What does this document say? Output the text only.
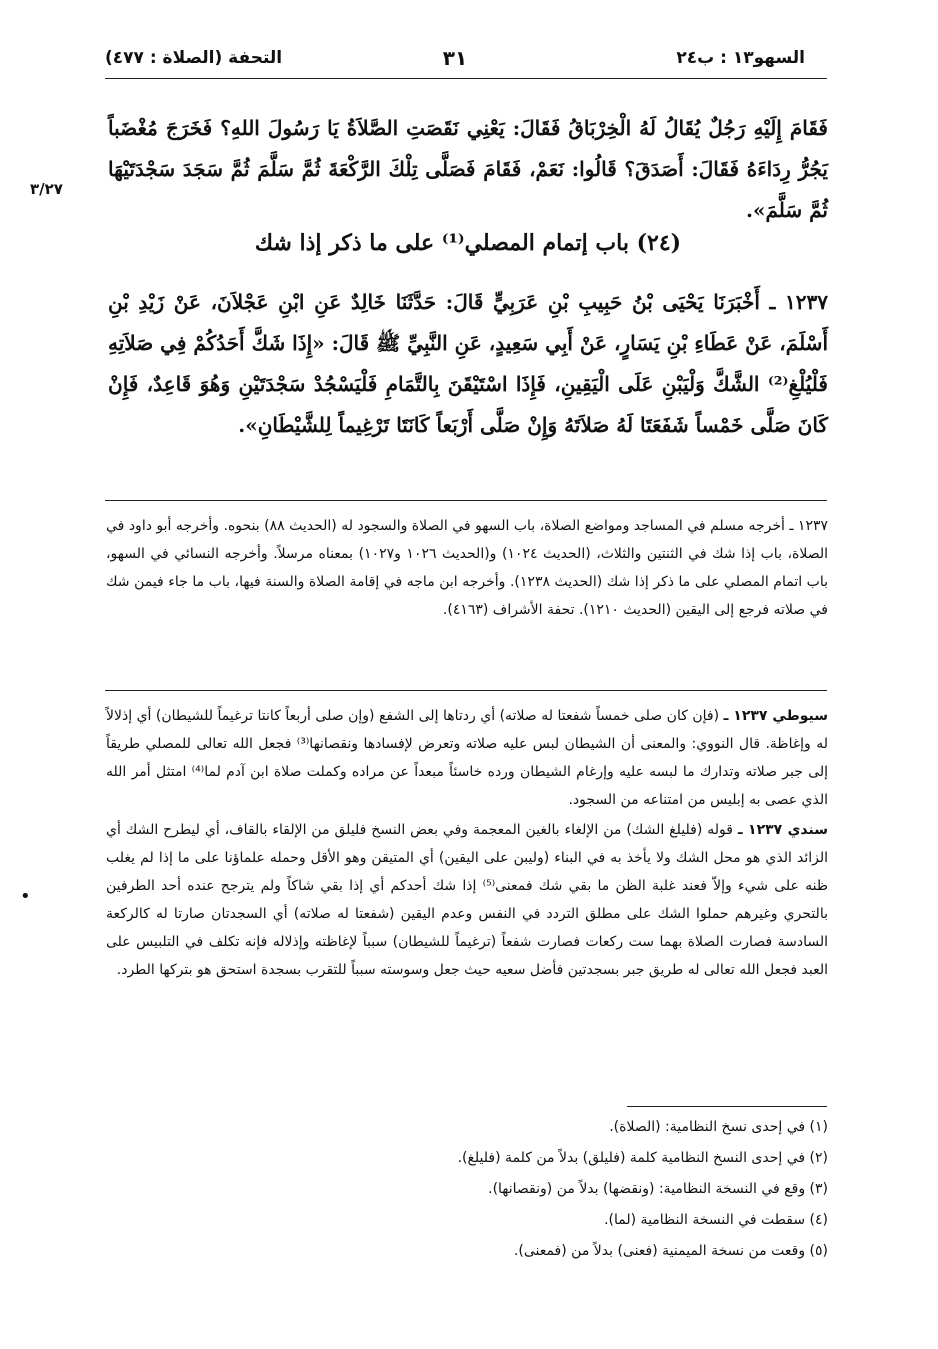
السهو١٣ : ب٢٤
٣١
التحفة (الصلاة : ٤٧٧)
٣/٢٧
فَقَامَ إِلَيْهِ رَجُلٌ يُقَالُ لَهُ الْخِرْبَاقُ فَقَالَ: يَعْنِي نَقَصَتِ الصَّلاَةُ يَا رَسُولَ اللهِ؟ فَخَرَجَ مُغْضَباً يَجُرُّ رِدَاءَهُ فَقَالَ: أَصَدَقَ؟ قَالُوا: نَعَمْ، فَقَامَ فَصَلَّى تِلْكَ الرَّكْعَةَ ثُمَّ سَلَّمَ ثُمَّ سَجَدَ سَجْدَتَيْهَا ثُمَّ سَلَّمَ».
(٢٤) باب إتمام المصلي⁽¹⁾ على ما ذكر إذا شك
١٢٣٧ ـ أَخْبَرَنَا يَحْيَى بْنُ حَبِيبِ بْنِ عَرَبِيٍّ قَالَ: حَدَّثَنَا خَالِدٌ عَنِ ابْنِ عَجْلاَنَ، عَنْ زَيْدِ بْنِ أَسْلَمَ، عَنْ عَطَاءِ بْنِ يَسَارٍ، عَنْ أَبِي سَعِيدٍ، عَنِ النَّبِيِّ ﷺ قَالَ: «إِذَا شَكَّ أَحَدُكُمْ فِي صَلاَتِهِ فَلْيُلْغِ⁽²⁾ الشَّكَّ وَلْيَبْنِ عَلَى الْيَقِينِ، فَإِذَا اسْتَيْقَنَ بِالتَّمَامِ فَلْيَسْجُدْ سَجْدَتَيْنِ وَهُوَ قَاعِدٌ، فَإِنْ كَانَ صَلَّى خَمْساً شَفَعَتَا لَهُ صَلاَتَهُ وَإِنْ صَلَّى أَرْبَعاً كَانَتَا تَرْغِيماً لِلشَّيْطَانِ».
١٢٣٧ ـ أخرجه مسلم في المساجد ومواضع الصلاة، باب السهو في الصلاة والسجود له (الحديث ٨٨) بنحوه. وأخرجه أبو داود في الصلاة، باب إذا شك في الثنتين والثلاث، (الحديث ١٠٢٤) و(الحديث ١٠٢٦ و١٠٢٧) بمعناه مرسلاً. وأخرجه النسائي في السهو، باب اتمام المصلي على ما ذكر إذا شك (الحديث ١٢٣٨). وأخرجه ابن ماجه في إقامة الصلاة والسنة فيها، باب ما جاء فيمن شك في صلاته فرجع إلى اليقين (الحديث ١٢١٠). تحفة الأشراف (٤١٦٣).

سيوطي ١٢٣٧ ـ (فإن كان صلى خمساً شفعتا له صلاته) أي ردتاها إلى الشفع (وإن صلى أربعاً كانتا ترغيماً للشيطان) أي إذلالاً له وإغاظة. قال النووي: والمعنى أن الشيطان لبس عليه صلاته وتعرض لإفسادها ونقصانها⁽³⁾ فجعل الله تعالى للمصلي طريقاً إلى جبر صلاته وتدارك ما لبسه عليه وإرغام الشيطان ورده خاسئاً مبعداً عن مراده وكملت صلاة ابن آدم لما⁽⁴⁾ امتثل أمر الله الذي عصى به إبليس من امتناعه من السجود.

سندي ١٢٣٧ ـ قوله (فليلغ الشك) من الإلغاء بالغين المعجمة وفي بعض النسخ فليلق من الإلقاء بالقاف، أي ليطرح الشك أي الزائد الذي هو محل الشك ولا يأخذ به في البناء (وليبن على اليقين) أي المتيقن وهو الأقل وحمله علماؤنا على ما إذا لم يغلب ظنه على شيء وإلاّ فعند غلبة الظن ما بقي شك فمعنى⁽⁵⁾ إذا شك أحدكم أي إذا بقي شاكاً ولم يترجح عنده أحد الطرفين بالتحري وغيرهم حملوا الشك على مطلق التردد في النفس وعدم اليقين (شفعتا له صلاته) أي السجدتان صارتا له كالركعة السادسة فصارت الصلاة بهما ست ركعات فصارت شفعاً (ترغيماً للشيطان) سبباً لإغاظته وإذلاله فإنه تكلف في التلبيس على العبد فجعل الله تعالى له طريق جبر بسجدتين فأضل سعيه حيث جعل وسوسته سبباً للتقرب بسجدة استحق هو بتركها الطرد.

•
(١) في إحدى نسخ النظامية: (الصلاة).
(٢) في إحدى النسخ النظامية كلمة (فليلق) بدلاً من كلمة (فليلغ).
(٣) وقع في النسخة النظامية: (ونقضها) بدلاً من (ونقصانها).
(٤) سقطت في النسخة النظامية (لما).
(٥) وقعت من نسخة الميمنية (فعنى) بدلاً من (فمعنى).
